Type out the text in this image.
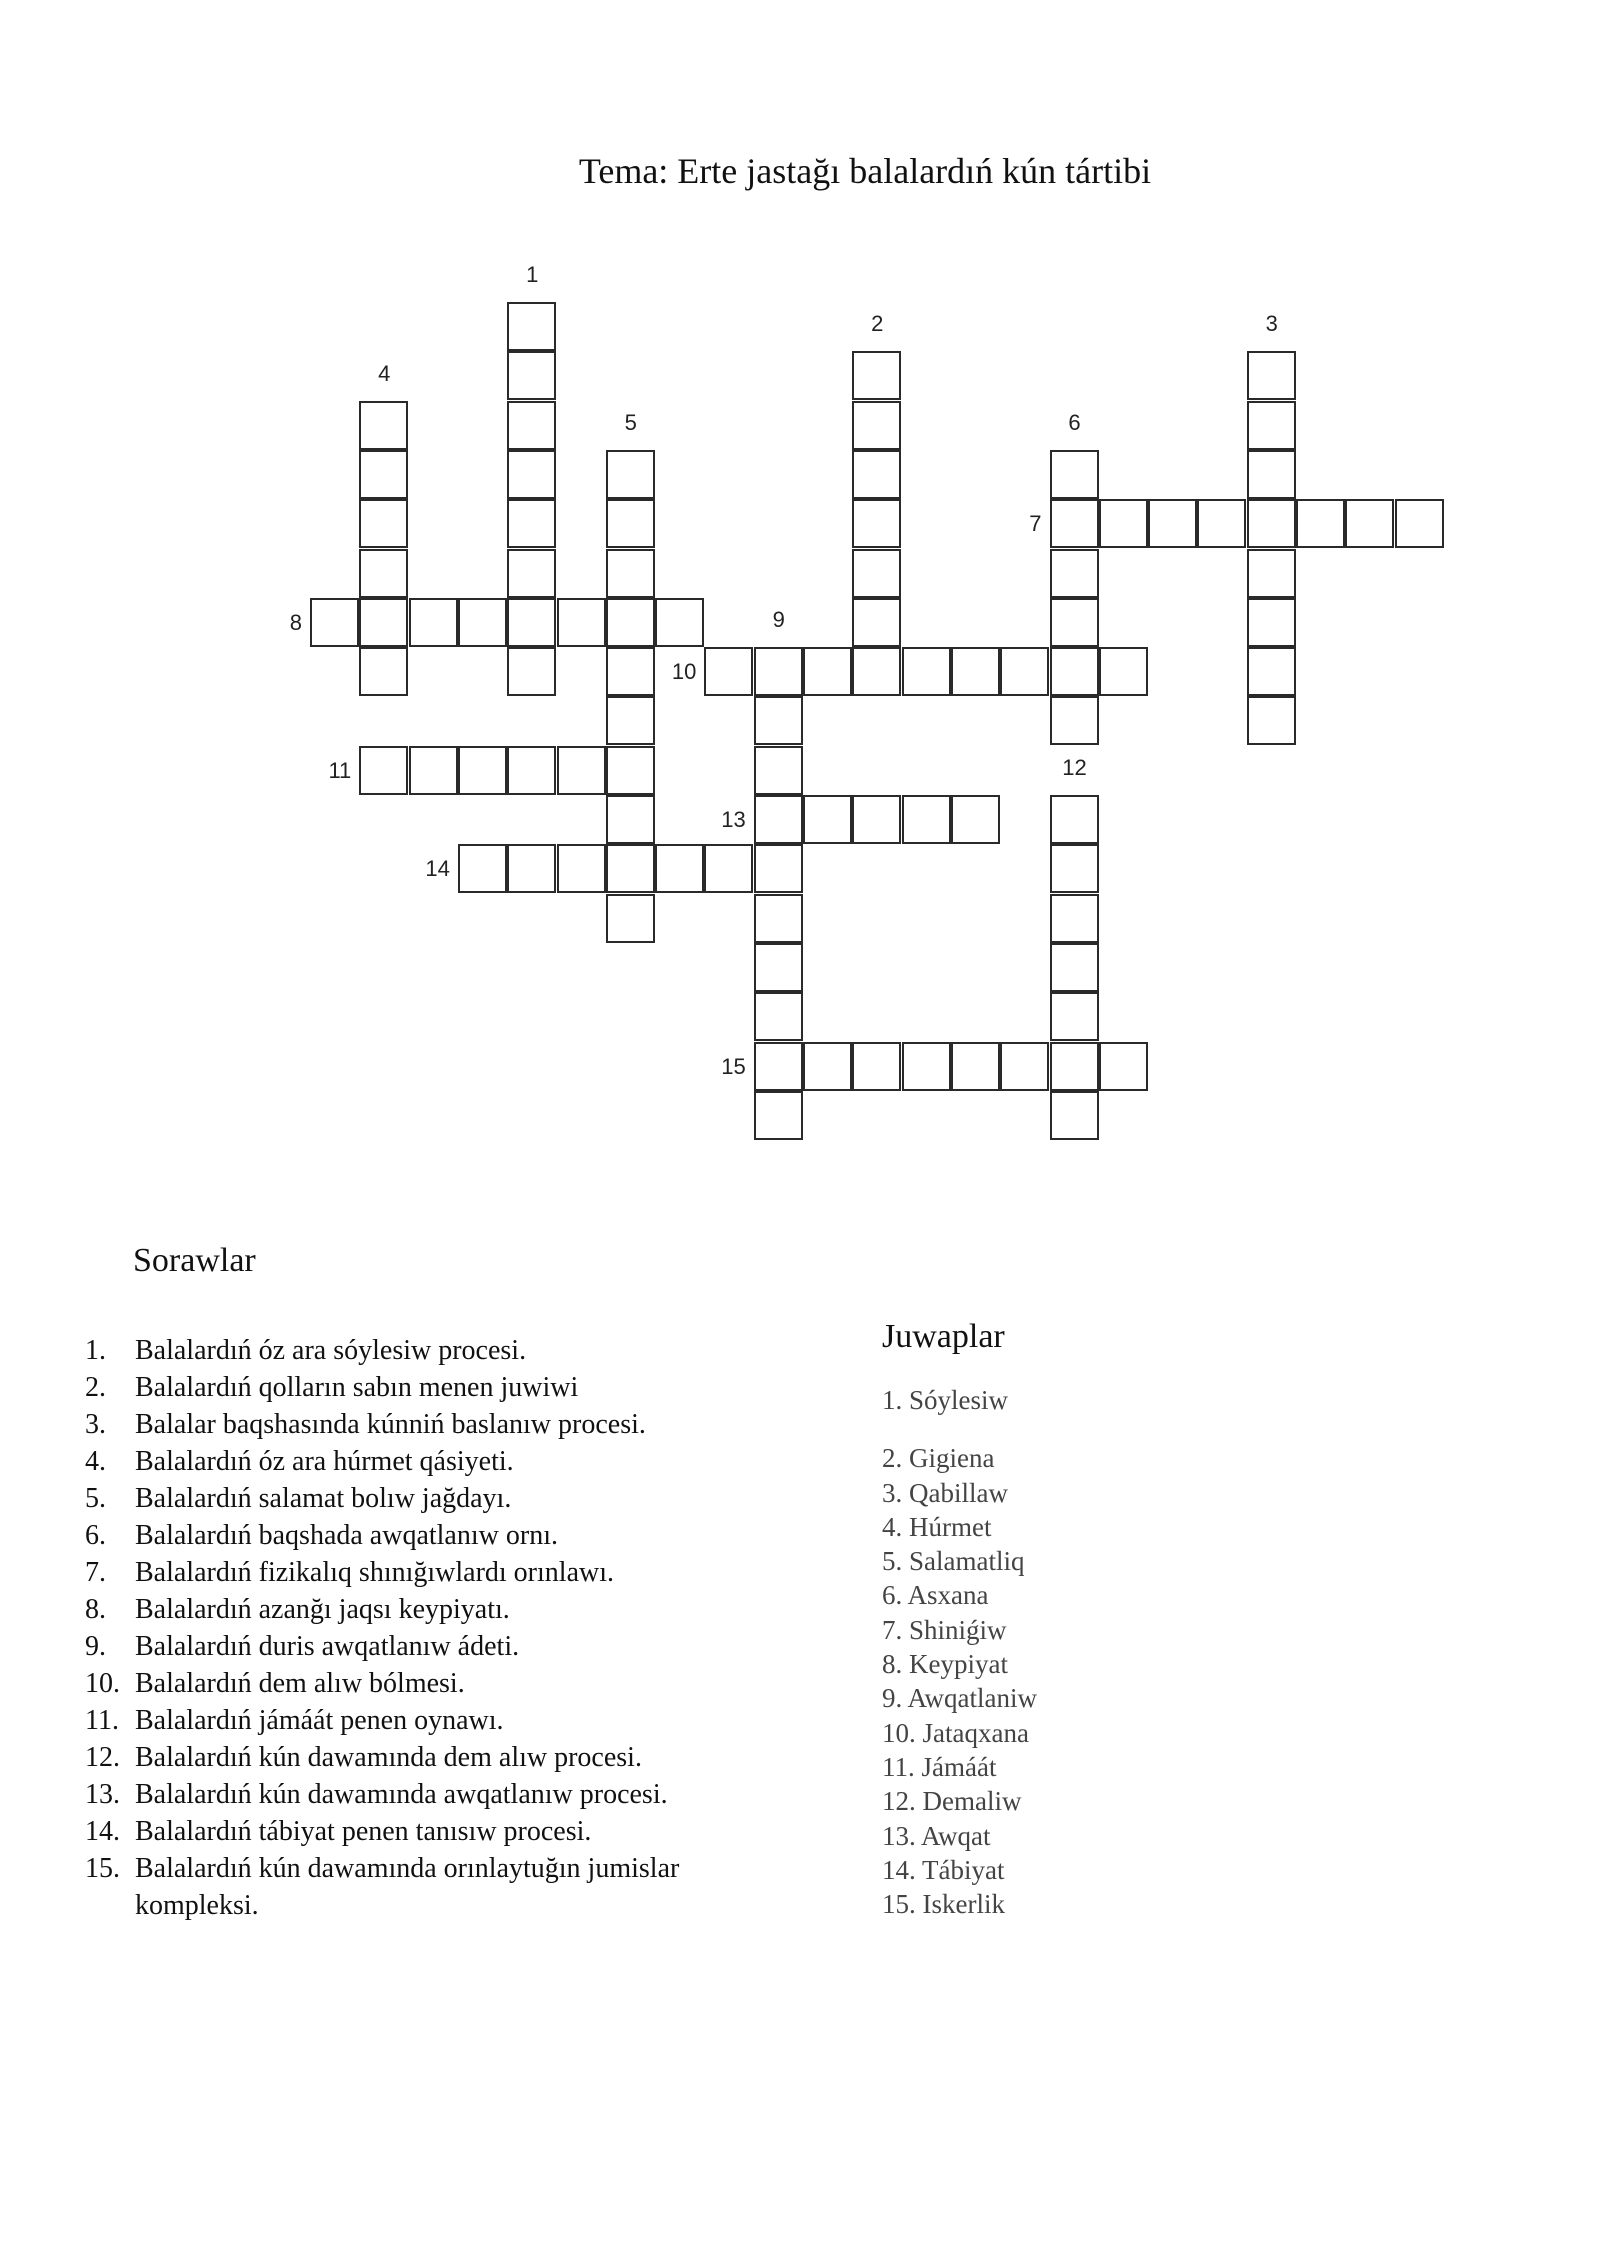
Tema: Erte jastağı balalardıń kún tártibi
1
2	3
4
5	6
7
8	9
10
11	12
13
14
15
Sorawlar
1.	Balalardıń óz ara sóylesiw procesi.
2.	Balalardıń qolların sabın menen juwiwi
3.	Balalar baqshasında kúnniń baslanıw procesi.
4.	Balalardıń óz ara húrmet qásiyeti.
5.	Balalardıń salamat bolıw jağdayı.
6.	Balalardıń baqshada awqatlanıw ornı.
7.	Balalardıń fizikalıq shınığıwlardı orınlawı.
8.	Balalardıń azanğı jaqsı keypiyatı.
9.	Balalardıń duris awqatlanıw ádeti.
10. Balalardıń dem alıw bólmesi.
11. Balalardıń jámáát penen oynawı.
12. Balalardıń kún dawamında dem alıw procesi.
13. Balalardıń kún dawamında awqatlanıw procesi.
14. Balalardıń tábiyat penen tanısıw procesi.
15. Balalardıń kún dawamında orınlaytuğın jumislar kompleksi.
Juwaplar
1. Sóylesiw
2. Gigiena
3. Qabillaw
4. Húrmet
5. Salamatliq
6. Asxana
7. Shiniǵiw
8. Keypiyat
9. Awqatlaniw
10. Jataqxana
11. Jámáát
12. Demaliw
13. Awqat
14. Tábiyat
15. Iskerlik
